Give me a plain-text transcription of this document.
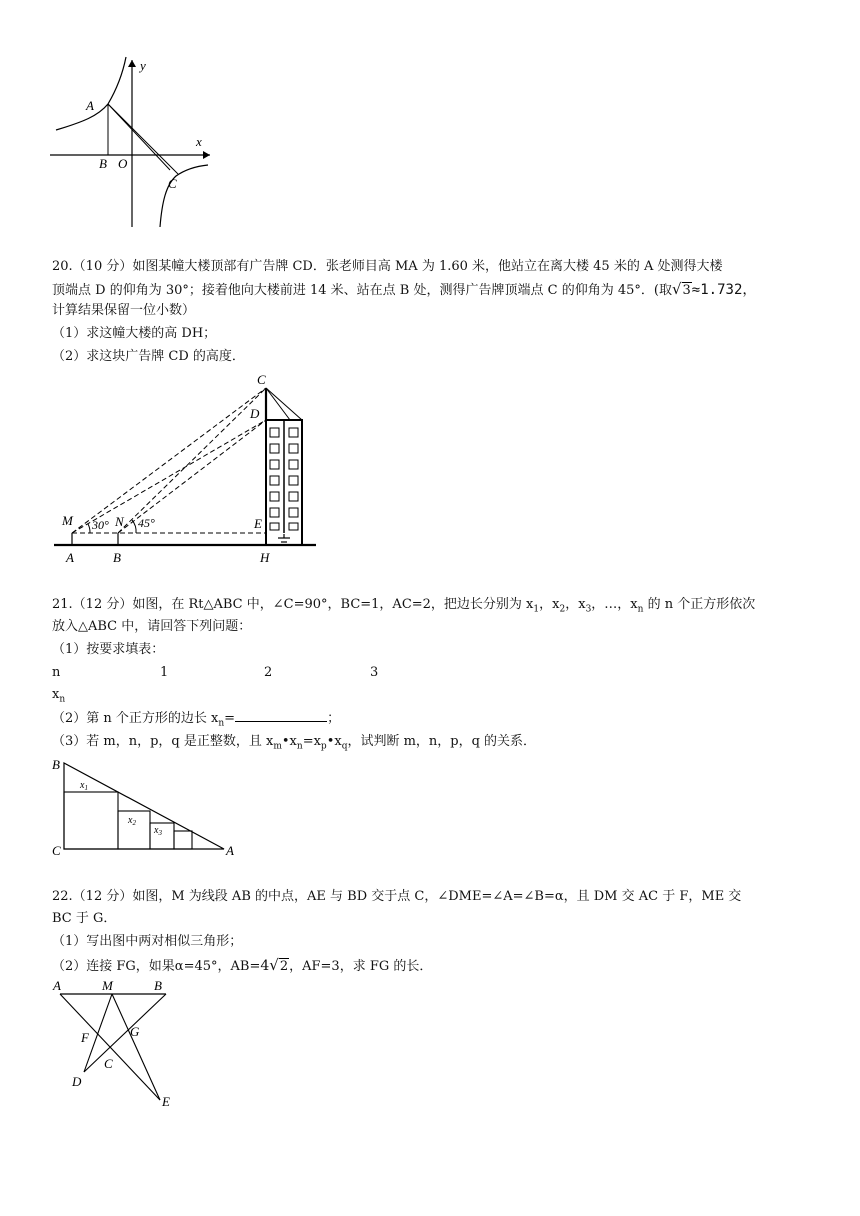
y
x
A
B O
C
20.（10 分）如图某幢大楼顶部有广告牌 CD．张老师目高 MA 为 1.60 米，他站立在离大楼 45 米的 A 处测得大楼
顶端点 D 的仰角为 30°；接着他向大楼前进 14 米、站在点 B 处，测得广告牌顶端点 C 的仰角为 45°．(取√3≈1.732，
计算结果保留一位小数）
（1）求这幢大楼的高 DH；
（2）求这块广告牌 CD 的高度．
C
D
M 30° N 45°	E
A	B	H
21.（12 分）如图，在 Rt△ABC 中，∠C=90°，BC=1，AC=2，把边长分别为 $x_1$，$x_2$，$x_3$，…，$x_n$ 的 n 个正方形依次
放入△ABC 中，请回答下列问题：
（1）按要求填表：
n	1	2	3
$x_n$
（2）第 n 个正方形的边长 $x_n=$	；
（3）若 m，n，p，q 是正整数，且 $x_m•x_n=x_p•x_q$，试判断 m，n，p，q 的关系．
B
C	A
$x_1$
$x_2$
$x_3$
22.（12 分）如图，M 为线段 AB 的中点，AE 与 BD 交于点 C，∠DME=∠A=∠B=α，且 DM 交 AC 于 F，ME 交
BC 于 G．
（1）写出图中两对相似三角形；
（2）连接 FG，如果α=45°，AB=4√2，AF=3，求 FG 的长．
A	M	B
F	G
C
D
E
